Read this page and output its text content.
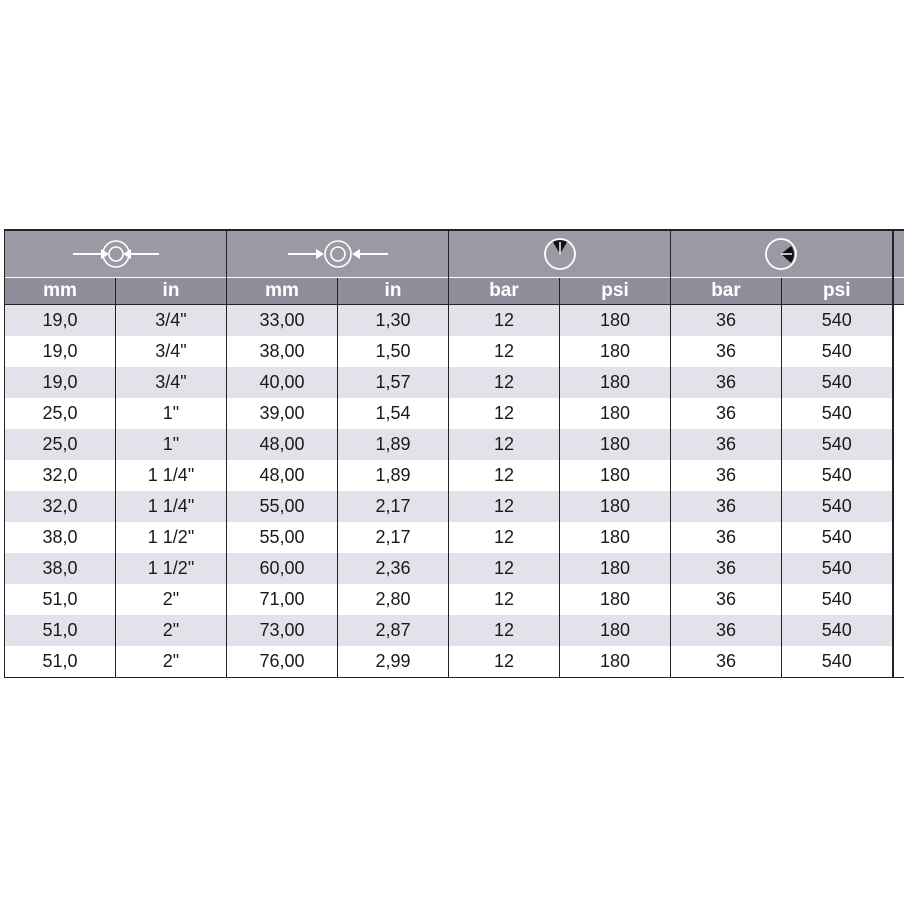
mm	in	mm	in	bar	psi	bar	psi	
19,0	3/4"	33,00	1,30	12	180	36	540	
19,0	3/4"	38,00	1,50	12	180	36	540	
19,0	3/4"	40,00	1,57	12	180	36	540	
25,0	1"	39,00	1,54	12	180	36	540	
25,0	1"	48,00	1,89	12	180	36	540	
32,0	1 1/4"	48,00	1,89	12	180	36	540	
32,0	1 1/4"	55,00	2,17	12	180	36	540	
38,0	1 1/2"	55,00	2,17	12	180	36	540	
38,0	1 1/2"	60,00	2,36	12	180	36	540	
51,0	2"	71,00	2,80	12	180	36	540	
51,0	2"	73,00	2,87	12	180	36	540	
51,0	2"	76,00	2,99	12	180	36	540	
